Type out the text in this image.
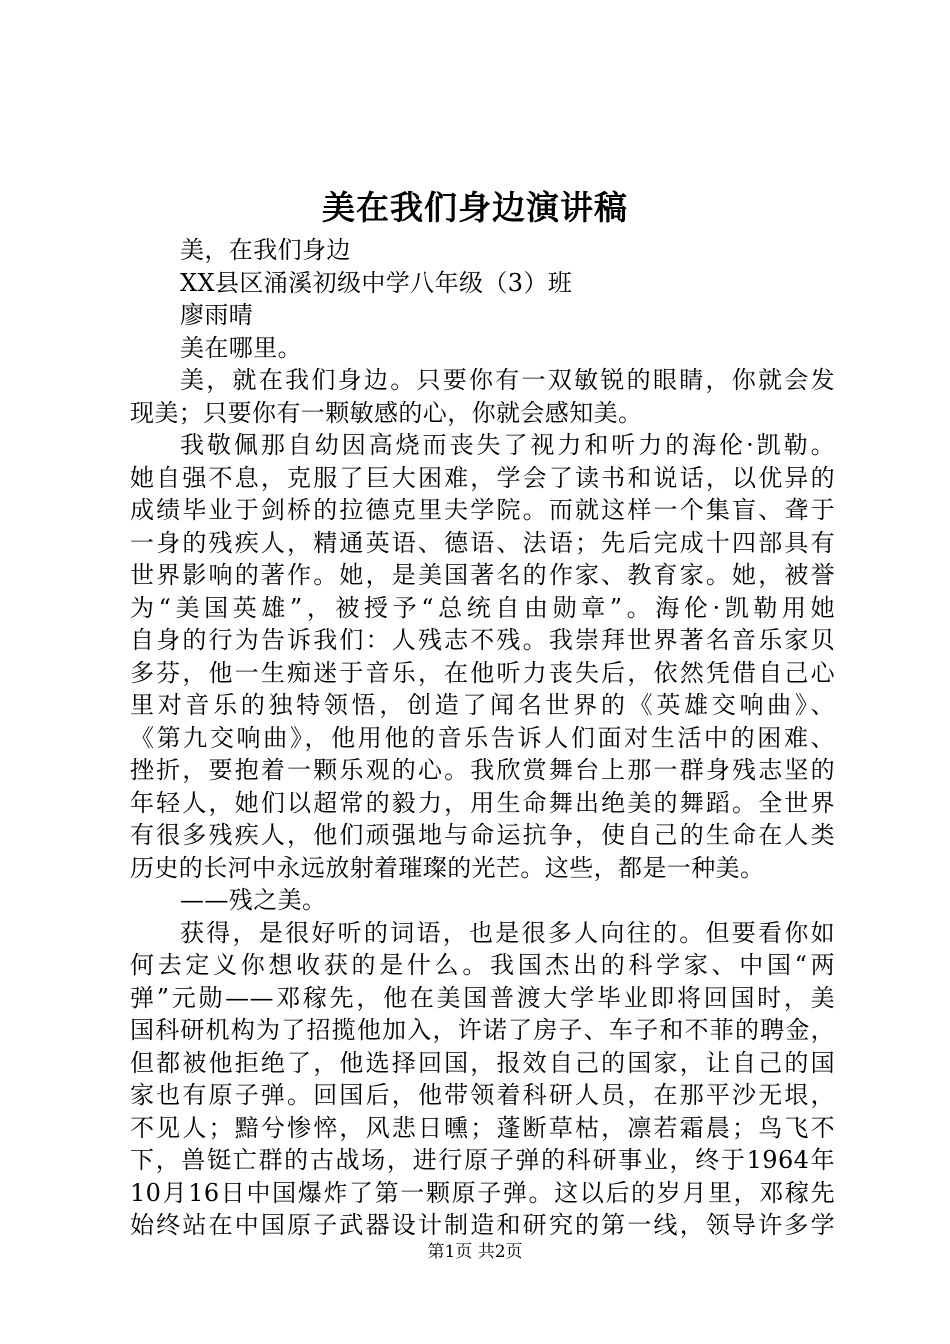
美在我们身边演讲稿
美，在我们身边
XX县区涌溪初级中学八年级（3）班
廖雨晴
美在哪里。
美，就在我们身边。只要你有一双敏锐的眼睛，你就会发
现美；只要你有一颗敏感的心，你就会感知美。
我敬佩那自幼因高烧而丧失了视力和听力的海伦·凯勒。
她自强不息，克服了巨大困难，学会了读书和说话，以优异的
成绩毕业于剑桥的拉德克里夫学院。而就这样一个集盲、聋于
一身的残疾人，精通英语、德语、法语；先后完成十四部具有
世界影响的著作。她，是美国著名的作家、教育家。她，被誉
为“美国英雄”，被授予“总统自由勋章”。海伦·凯勒用她
自身的行为告诉我们：人残志不残。我崇拜世界著名音乐家贝
多芬，他一生痴迷于音乐，在他听力丧失后，依然凭借自己心
里对音乐的独特领悟，创造了闻名世界的《英雄交响曲》、
《第九交响曲》，他用他的音乐告诉人们面对生活中的困难、
挫折，要抱着一颗乐观的心。我欣赏舞台上那一群身残志坚的
年轻人，她们以超常的毅力，用生命舞出绝美的舞蹈。全世界
有很多残疾人，他们顽强地与命运抗争，使自己的生命在人类
历史的长河中永远放射着璀璨的光芒。这些，都是一种美。
——残之美。
获得，是很好听的词语，也是很多人向往的。但要看你如
何去定义你想收获的是什么。我国杰出的科学家、中国“两
弹”元勋——邓稼先，他在美国普渡大学毕业即将回国时，美
国科研机构为了招揽他加入，许诺了房子、车子和不菲的聘金，
但都被他拒绝了，他选择回国，报效自己的国家，让自己的国
家也有原子弹。回国后，他带领着科研人员，在那平沙无垠，
不见人；黯兮惨悴，风悲日曛；蓬断草枯，凛若霜晨；鸟飞不
下，兽铤亡群的古战场，进行原子弹的科研事业，终于1964年
10月16日中国爆炸了第一颗原子弹。这以后的岁月里，邓稼先
始终站在中国原子武器设计制造和研究的第一线，领导许多学
第1页 共2页
